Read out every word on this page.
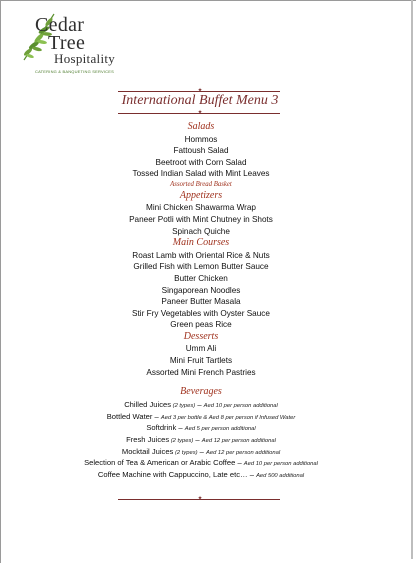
Cedar
Tree
Hospitality
CATERING & BANQUETING SERVICES
✦
International Buffet Menu 3
✦
Salads
Hommos
Fattoush Salad
Beetroot with Corn Salad
Tossed Indian Salad with Mint Leaves
Assorted Bread Basket
Appetizers
Mini Chicken Shawarma Wrap
Paneer Potli with Mint Chutney in Shots
Spinach Quiche
Main Courses
Roast Lamb with Oriental Rice & Nuts
Grilled Fish with Lemon Butter Sauce
Butter Chicken
Singaporean Noodles
Paneer Butter Masala
Stir Fry Vegetables with Oyster Sauce
Green peas Rice
Desserts
Umm Ali
Mini Fruit Tartlets
Assorted Mini French Pastries
Beverages
Chilled Juices (2 types) – Aed 10 per person additional
Bottled Water – Aed 3 per bottle & Aed 8 per person if Infused Water
Softdrink – Aed 5 per person additional
Fresh Juices (2 types) – Aed 12 per person additional
Mocktail Juices (2 types) – Aed 12 per person additional
Selection of Tea & American or Arabic Coffee – Aed 10 per person additional
Coffee Machine with Cappuccino, Late etc… – Aed 500 additional
✦
